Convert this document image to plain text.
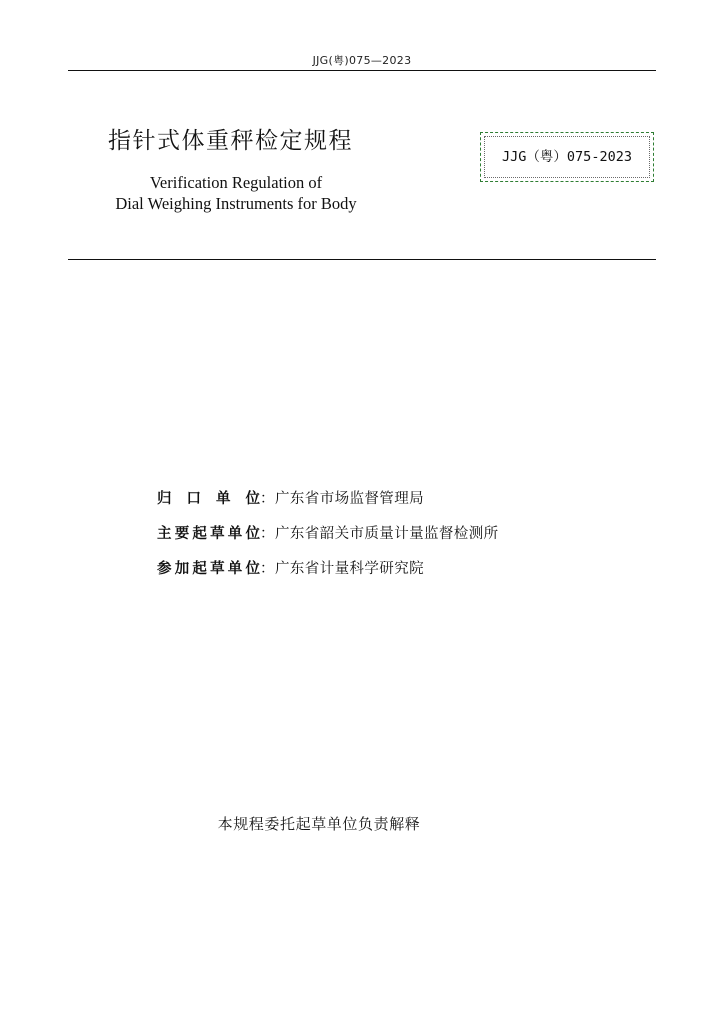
JJG(粤)075—2023
指针式体重秤检定规程
Verification Regulation of
Dial Weighing Instruments for Body
JJG（粤）075-2023
归口单位 ： 广东省市场监督管理局
主要起草单位 ： 广东省韶关市质量计量监督检测所
参加起草单位 ： 广东省计量科学研究院
本规程委托起草单位负责解释
